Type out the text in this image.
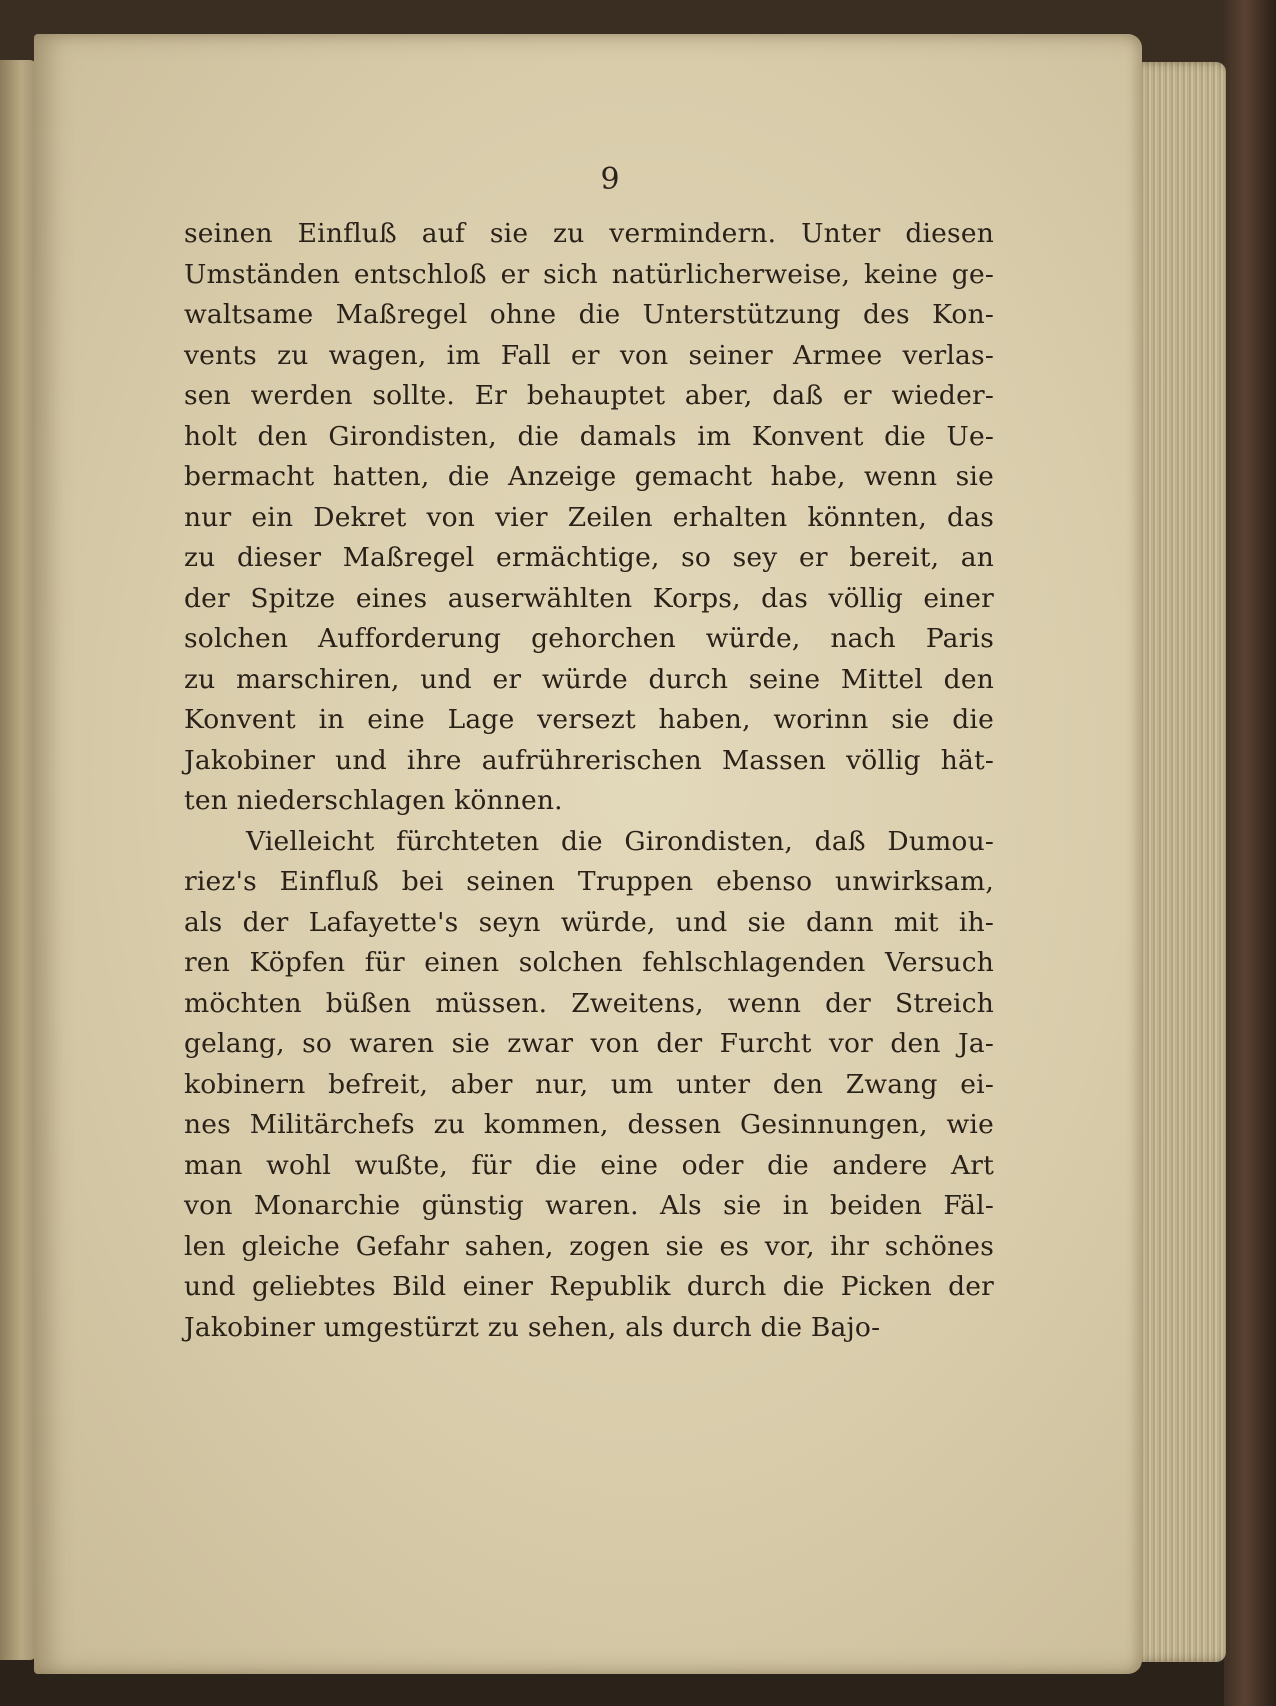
9
seinen Einfluß auf sie zu vermindern. Unter diesen
Umständen entschloß er sich natürlicherweise, keine ge-
waltsame Maßregel ohne die Unterstützung des Kon-
vents zu wagen, im Fall er von seiner Armee verlas-
sen werden sollte. Er behauptet aber, daß er wieder-
holt den Girondisten, die damals im Konvent die Ue-
bermacht hatten, die Anzeige gemacht habe, wenn sie
nur ein Dekret von vier Zeilen erhalten könnten, das
zu dieser Maßregel ermächtige, so sey er bereit, an
der Spitze eines auserwählten Korps, das völlig einer
solchen Aufforderung gehorchen würde, nach Paris
zu marschiren, und er würde durch seine Mittel den
Konvent in eine Lage versezt haben, worinn sie die
Jakobiner und ihre aufrührerischen Massen völlig hät-
ten niederschlagen können.
Vielleicht fürchteten die Girondisten, daß Dumou-
riez's Einfluß bei seinen Truppen ebenso unwirksam,
als der Lafayette's seyn würde, und sie dann mit ih-
ren Köpfen für einen solchen fehlschlagenden Versuch
möchten büßen müssen. Zweitens, wenn der Streich
gelang, so waren sie zwar von der Furcht vor den Ja-
kobinern befreit, aber nur, um unter den Zwang ei-
nes Militärchefs zu kommen, dessen Gesinnungen, wie
man wohl wußte, für die eine oder die andere Art
von Monarchie günstig waren. Als sie in beiden Fäl-
len gleiche Gefahr sahen, zogen sie es vor, ihr schönes
und geliebtes Bild einer Republik durch die Picken der
Jakobiner umgestürzt zu sehen, als durch die Bajo-
